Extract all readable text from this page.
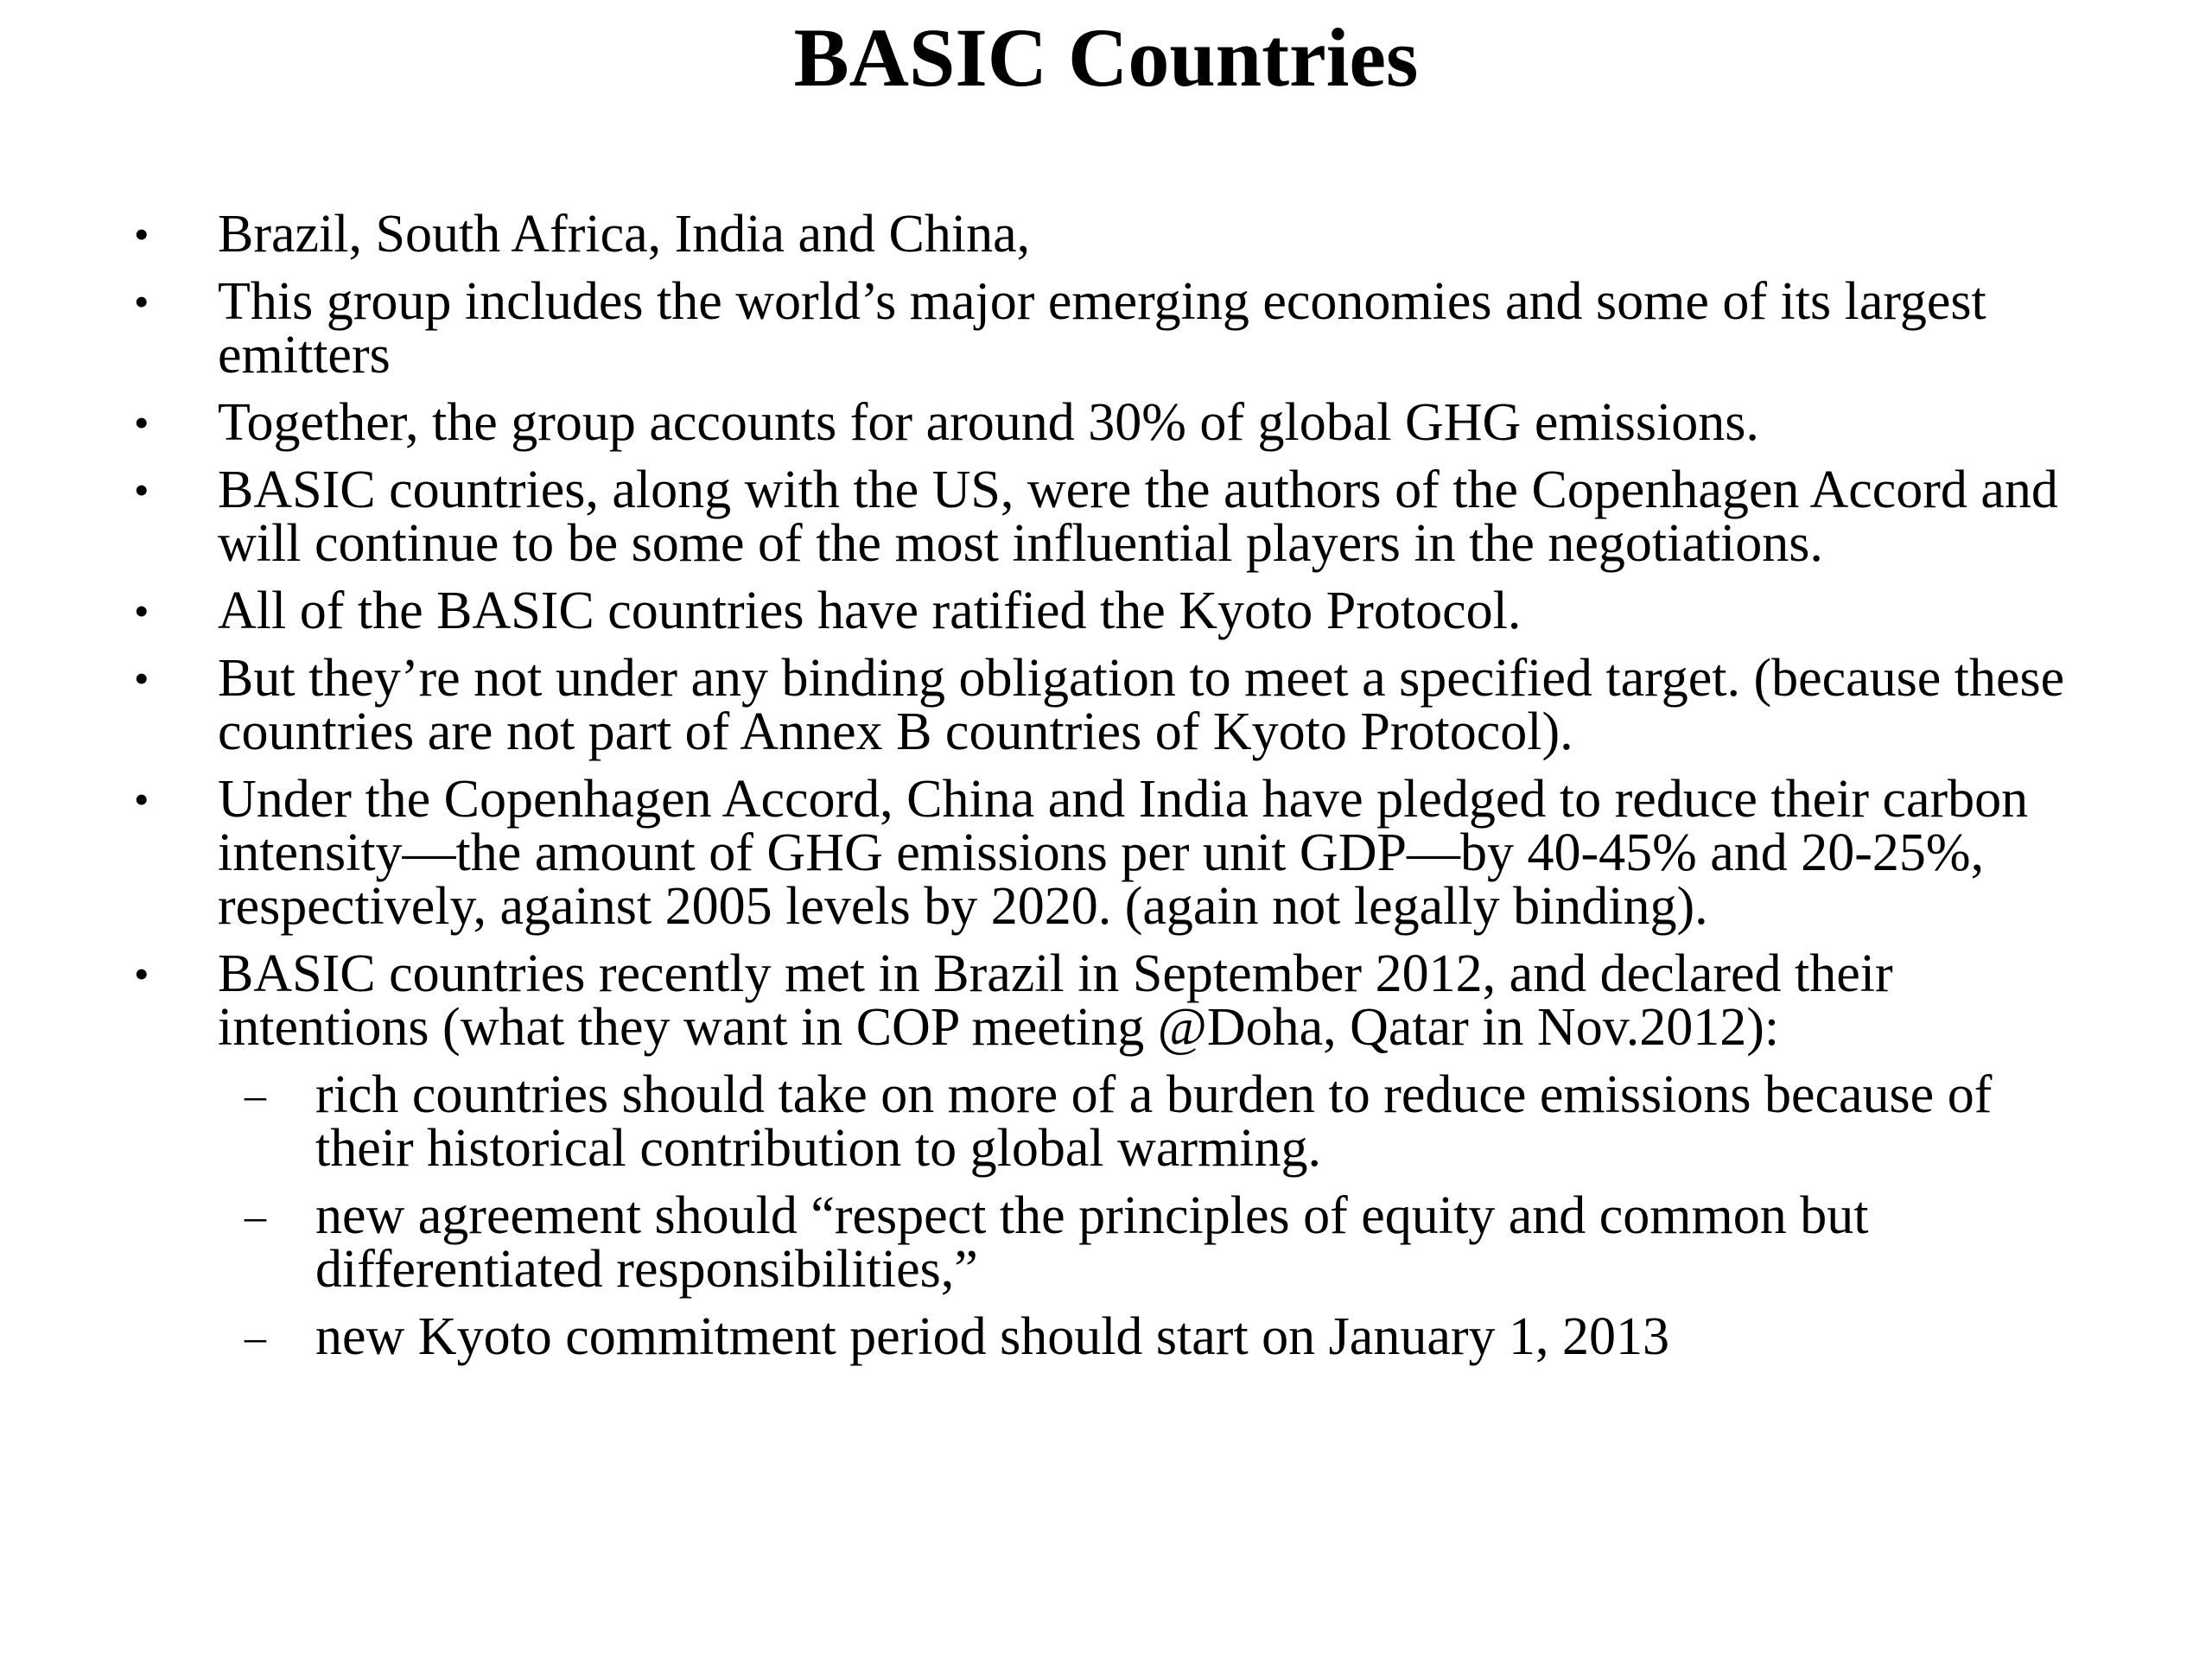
BASIC Countries
• Brazil, South Africa, India and China,
• This group includes the world’s major emerging economies and some of its largest emitters
• Together, the group accounts for around 30% of global GHG emissions.
• BASIC countries, along with the US, were the authors of the Copenhagen Accord and will continue to be some of the most influential players in the negotiations.
• All of the BASIC countries have ratified the Kyoto Protocol.
• But they’re not under any binding obligation to meet a specified target. (because these countries are not part of Annex B countries of Kyoto Protocol).
• Under the Copenhagen Accord, China and India have pledged to reduce their carbon intensity—the amount of GHG emissions per unit GDP—by 40-45% and 20-25%, respectively, against 2005 levels by 2020. (again not legally binding).
• BASIC countries recently met in Brazil in September 2012, and declared their intentions (what they want in COP meeting @Doha, Qatar in Nov.2012):
– rich countries should take on more of a burden to reduce emissions because of their historical contribution to global warming.
– new agreement should “respect the principles of equity and common but differentiated responsibilities,”
– new Kyoto commitment period should start on January 1, 2013
